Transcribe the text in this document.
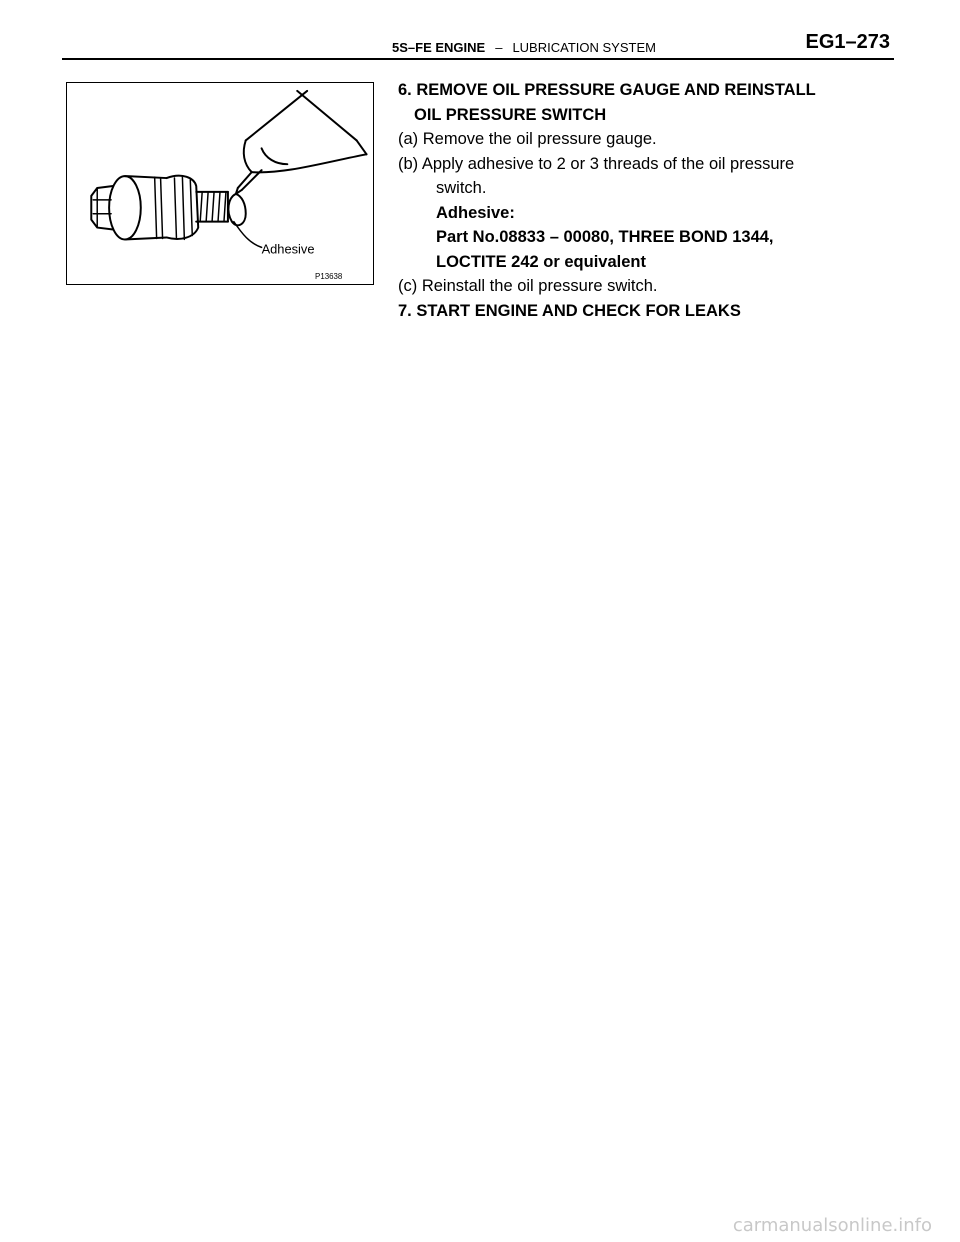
5S–FE ENGINE – LUBRICATION SYSTEM	EG1–273
Adhesive
P13638

6. REMOVE OIL PRESSURE GAUGE AND REINSTALL

OIL PRESSURE SWITCH

(a) Remove the oil pressure gauge.

(b) Apply adhesive to 2 or 3 threads of the oil pressure

switch.

Adhesive:

Part No.08833 – 00080, THREE BOND 1344,

LOCTITE 242 or equivalent

(c) Reinstall the oil pressure switch.

7. START ENGINE AND CHECK FOR LEAKS

carmanualsonline.info
